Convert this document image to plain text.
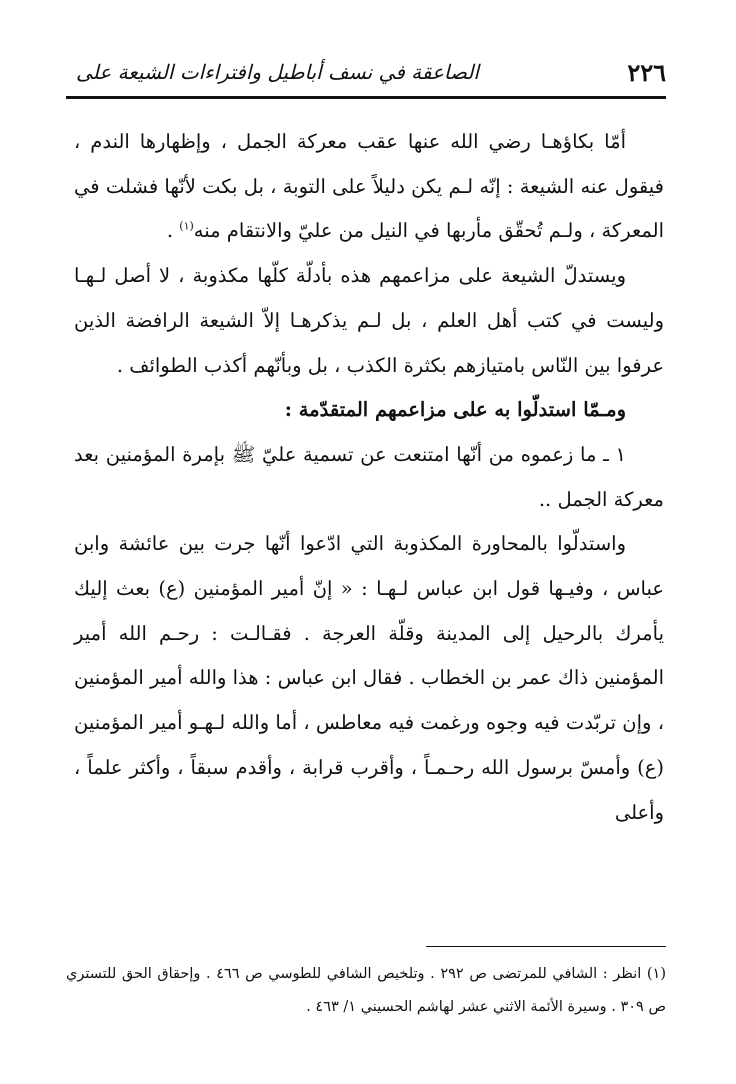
٢٢٦
الصاعقة في نسف أباطيل وافتراءات الشيعة على

أمّا بكاؤهـا رضي الله عنها عقب معركة الجمل ، وإظهارها الندم ، فيقول عنه الشيعة : إنّه لـم يكن دليلاً على التوبة ، بل بكت لأنّها فشلت في المعركة ، ولـم تُحقّق مأربها في النيل من عليّ والانتقام منه$^{(١)}$ .

ويستدلّ الشيعة على مزاعمهم هذه بأدلّة كلّها مكذوبة ، لا أصل لـهـا وليست في كتب أهل العلم ، بل لـم يذكرهـا إلاّ الشيعة الرافضة الذين عرفوا بين النّاس بامتيازهم بكثرة الكذب ، بل وبأنّهم أكذب الطوائف .

ومـمّا استدلّوا به على مزاعمهم المتقدّمة :

١ ـ ما زعموه من أنّها امتنعت عن تسمية عليّ ﷺ بإمرة المؤمنين بعد معركة الجمل ..

واستدلّوا بالمحاورة المكذوبة التي ادّعوا أنّها جرت بين عائشة وابن عباس ، وفيـها قول ابن عباس لـهـا : « إنّ أمير المؤمنين (ع) بعث إليك يأمرك بالرحيل إلى المدينة وقلّة العرجة . فقـالـت : رحـم الله أمير المؤمنين ذاك عمر بن الخطاب . فقال ابن عباس : هذا والله أمير المؤمنين ، وإن تربّدت فيه وجوه ورغمت فيه معاطس ، أما والله لـهـو أمير المؤمنين (ع) وأمسّ برسول الله رحـمـاً ، وأقرب قرابة ، وأقدم سبقاً ، وأكثر علماً ، وأعلى

(١) انظر : الشافي للمرتضى ص ٢٩٢ . وتلخيص الشافي للطوسي ص ٤٦٦ . وإحقاق الحق للتستري ص ٣٠٩ . وسيرة الأئمة الاثني عشر لهاشم الحسيني ١/ ٤٦٣ .
